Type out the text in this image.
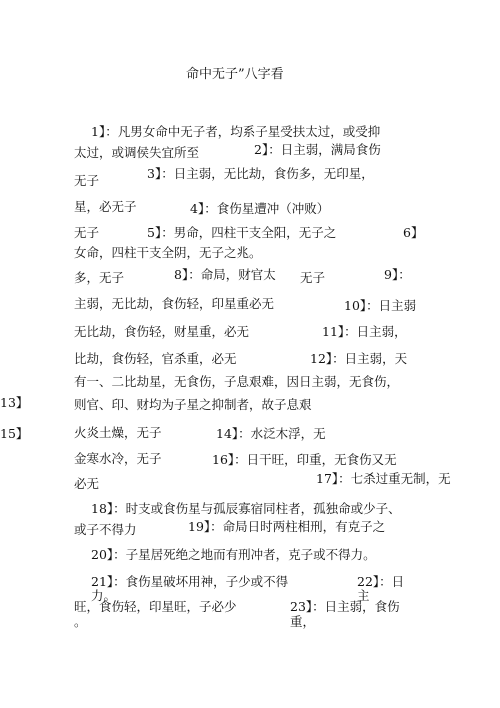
命中无子”八字看
1】：凡男女命中无子者，均系子星受扶太过，或受抑
太过，或调侯失宜所至	2】：日主弱，满局食伤
无子	3】：日主弱，无比劫，食伤多，无印星，
星，必无子	4】：食伤星遭冲（冲败）
无子	5】：男命，四柱干支全阳，无子之	6】
女命，四柱干支全阴，无子之兆。
多，无子	8】：命局，财官太 无子	9】：
主弱，无比劫，食伤轻，印星重必无	10】：日主弱
无比劫，食伤轻，财星重，必无	11】：日主弱，
比劫，食伤轻，官杀重，必无	12】：日主弱，天
有一、二比劫星，无食伤，子息艰难，因日主弱，无食伤，
13】	则官、印、财均为子星之抑制者，故子息艰
15】	火炎土燥，无子	14】：水泛木浮，无
金寒水冷，无子	16】：日干旺，印重，无食伤又无
17】：七杀过重无制，无
必无
18】：时支或食伤星与孤辰寡宿同柱者，孤独命或少子、
或子不得力	19】：命局日时两柱相刑，有克子之
20】：子星居死绝之地而有刑冲者，克子或不得力。
21】：食伤星破坏用神，子少或不得
力。
22】：日
主
旺，食伤轻，印星旺，子必少	23】：日主弱，食伤
。	重，
